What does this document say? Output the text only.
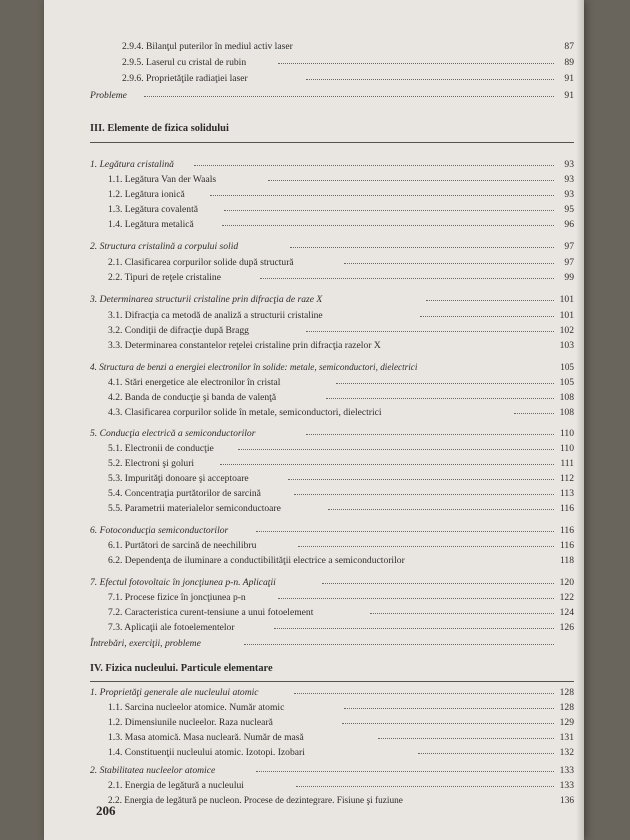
2.9.4. Bilanţul puterilor în mediul activ laser	87
2.9.5. Laserul cu cristal de rubin	89
2.9.6. Proprietăţile radiaţiei laser	91
Probleme	91
III. Elemente de fizica solidului
1. Legătura cristalină	93
1.1. Legătura Van der Waals	93
1.2. Legătura ionică	93
1.3. Legătura covalentă	95
1.4. Legătura metalică	96
2. Structura cristalină a corpului solid	97
2.1. Clasificarea corpurilor solide după structură	97
2.2. Tipuri de reţele cristaline	99
3. Determinarea structurii cristaline prin difracţia de raze X	101
3.1. Difracţia ca metodă de analiză a structurii cristaline	101
3.2. Condiţii de difracţie după Bragg	102
3.3. Determinarea constantelor reţelei cristaline prin difracţia razelor X	103
4. Structura de benzi a energiei electronilor în solide: metale, semiconductori, dielectrici	105
4.1. Stări energetice ale electronilor în cristal	105
4.2. Banda de conducţie şi banda de valenţă	108
4.3. Clasificarea corpurilor solide în metale, semiconductori, dielectrici	108
5. Conducţia electrică a semiconductorilor	110
5.1. Electronii de conducţie	110
5.2. Electroni şi goluri	111
5.3. Impurităţi donoare şi acceptoare	112
5.4. Concentraţia purtătorilor de sarcină	113
5.5. Parametrii materialelor semiconductoare	116
6. Fotoconducţia semiconductorilor	116
6.1. Purtători de sarcină de neechilibru	116
6.2. Dependenţa de iluminare a conductibilităţii electrice a semiconductorilor	118
7. Efectul fotovoltaic în joncţiunea p-n. Aplicaţii	120
7.1. Procese fizice în joncţiunea p-n	122
7.2. Caracteristica curent-tensiune a unui fotoelement	124
7.3. Aplicaţii ale fotoelementelor	126
Întrebări, exerciţii, probleme
IV. Fizica nucleului. Particule elementare
1. Proprietăţi generale ale nucleului atomic	128
1.1. Sarcina nucleelor atomice. Număr atomic	128
1.2. Dimensiunile nucleelor. Raza nucleară	129
1.3. Masa atomică. Masa nucleară. Număr de masă	131
1.4. Constituenţii nucleului atomic. Izotopi. Izobari	132
2. Stabilitatea nucleelor atomice	133
2.1. Energia de legătură a nucleului	133
2.2. Energia de legătură pe nucleon. Procese de dezintegrare. Fisiune şi fuziune	136
206
